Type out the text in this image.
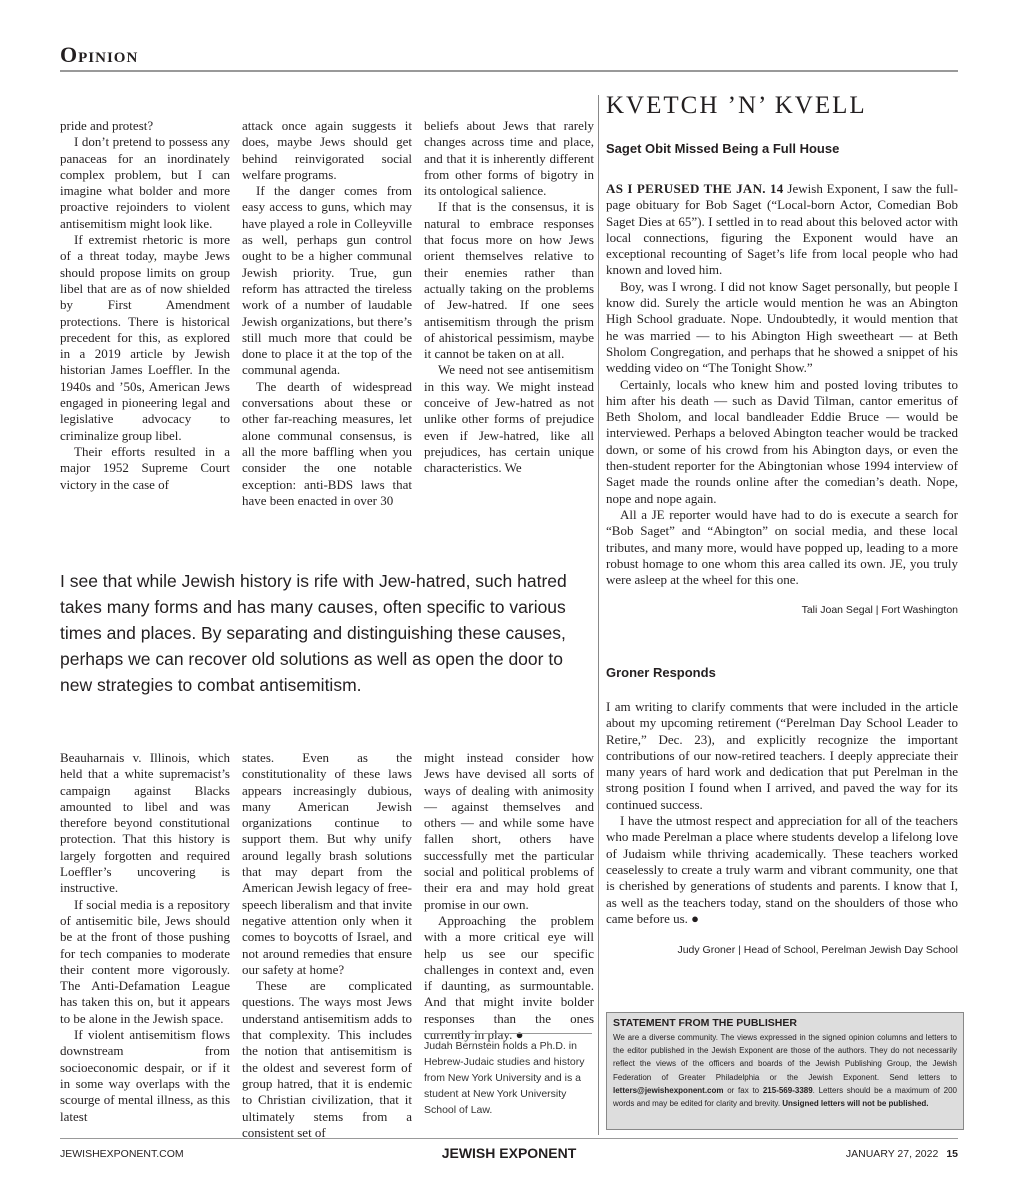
Opinion

pride and protest?

I don’t pretend to possess any panaceas for an inordinately complex problem, but I can imagine what bolder and more proactive rejoinders to violent antisemitism might look like.

If extremist rhetoric is more of a threat today, maybe Jews should propose limits on group libel that are as of now shielded by First Amendment protections. There is historical precedent for this, as explored in a 2019 article by Jewish historian James Loeffler. In the 1940s and ’50s, American Jews engaged in pioneering legal and legislative advocacy to criminalize group libel.

Their efforts resulted in a major 1952 Supreme Court victory in the case of

attack once again suggests it does, maybe Jews should get behind reinvigorated social welfare programs.

If the danger comes from easy access to guns, which may have played a role in Colleyville as well, perhaps gun control ought to be a higher communal Jewish priority. True, gun reform has attracted the tireless work of a number of laudable Jewish organizations, but there’s still much more that could be done to place it at the top of the communal agenda.

The dearth of widespread conversations about these or other far-reaching measures, let alone communal consensus, is all the more baffling when you consider the one notable exception: anti-BDS laws that have been enacted in over 30

beliefs about Jews that rarely changes across time and place, and that it is inherently different from other forms of bigotry in its ontological salience.

If that is the consensus, it is natural to embrace responses that focus more on how Jews orient themselves relative to their enemies rather than actually taking on the problems of Jew-hatred. If one sees antisemitism through the prism of ahistorical pessimism, maybe it cannot be taken on at all.

We need not see antisemitism in this way. We might instead conceive of Jew-hatred as not unlike other forms of prejudice even if Jew-hatred, like all prejudices, has certain unique characteristics. We

I see that while Jewish history is rife with Jew-hatred, such hatred takes many forms and has many causes, often specific to various times and places. By separating and distinguishing these causes, perhaps we can recover old solutions as well as open the door to new strategies to combat antisemitism.

Beauharnais v. Illinois, which held that a white supremacist’s campaign against Blacks amounted to libel and was therefore beyond constitutional protection. That this history is largely forgotten and required Loeffler’s uncovering is instructive.

If social media is a repository of antisemitic bile, Jews should be at the front of those pushing for tech companies to moderate their content more vigorously. The Anti-Defamation League has taken this on, but it appears to be alone in the Jewish space.

If violent antisemitism flows downstream from socioeconomic despair, or if it in some way overlaps with the scourge of mental illness, as this latest

states. Even as the constitutionality of these laws appears increasingly dubious, many American Jewish organizations continue to support them. But why unify around legally brash solutions that may depart from the American Jewish legacy of free-speech liberalism and that invite negative attention only when it comes to boycotts of Israel, and not around remedies that ensure our safety at home?

These are complicated questions. The ways most Jews understand antisemitism adds to that complexity. This includes the notion that antisemitism is the oldest and severest form of group hatred, that it is endemic to Christian civilization, that it ultimately stems from a consistent set of

might instead consider how Jews have devised all sorts of ways of dealing with animosity — against themselves and others — and while some have fallen short, others have successfully met the particular social and political problems of their era and may hold great promise in our own.

Approaching the problem with a more critical eye will help us see our specific challenges in context and, even if daunting, as surmountable. And that might invite bolder responses than the ones currently in play. ●

Judah Bernstein holds a Ph.D. in Hebrew-Judaic studies and history from New York University and is a student at New York University School of Law.
KVETCH ’N’ KVELL
Saget Obit Missed Being a Full House

AS I PERUSED THE JAN. 14 Jewish Exponent, I saw the full-page obituary for Bob Saget (“Local-born Actor, Comedian Bob Saget Dies at 65”). I settled in to read about this beloved actor with local connections, figuring the Exponent would have an exceptional recounting of Saget’s life from local people who had known and loved him.

Boy, was I wrong. I did not know Saget personally, but people I know did. Surely the article would mention he was an Abington High School graduate. Nope. Undoubtedly, it would mention that he was married — to his Abington High sweetheart — at Beth Sholom Congregation, and perhaps that he showed a snippet of his wedding video on “The Tonight Show.”

Certainly, locals who knew him and posted loving tributes to him after his death — such as David Tilman, cantor emeritus of Beth Sholom, and local bandleader Eddie Bruce — would be interviewed. Perhaps a beloved Abington teacher would be tracked down, or some of his crowd from his Abington days, or even the then-student reporter for the Abingtonian whose 1994 interview of Saget made the rounds online after the comedian’s death. Nope, nope and nope again.

All a JE reporter would have had to do is execute a search for “Bob Saget” and “Abington” on social media, and these local tributes, and many more, would have popped up, leading to a more robust homage to one whom this area called its own. JE, you truly were asleep at the wheel for this one.

Tali Joan Segal | Fort Washington
Groner Responds

I am writing to clarify comments that were included in the article about my upcoming retirement (“Perelman Day School Leader to Retire,” Dec. 23), and explicitly recognize the important contributions of our now-retired teachers. I deeply appreciate their many years of hard work and dedication that put Perelman in the strong position I found when I arrived, and paved the way for its continued success.

I have the utmost respect and appreciation for all of the teachers who made Perelman a place where students develop a lifelong love of Judaism while thriving academically. These teachers worked ceaselessly to create a truly warm and vibrant community, one that is cherished by generations of students and parents. I know that I, as well as the teachers today, stand on the shoulders of those who came before us. ●

Judy Groner | Head of School, Perelman Jewish Day School
STATEMENT FROM THE PUBLISHER
We are a diverse community. The views expressed in the signed opinion columns and letters to the editor published in the Jewish Exponent are those of the authors. They do not necessarily reflect the views of the officers and boards of the Jewish Publishing Group, the Jewish Federation of Greater Philadelphia or the Jewish Exponent. Send letters to letters@jewishexponent.com or fax to 215-569-3389. Letters should be a maximum of 200 words and may be edited for clarity and brevity. Unsigned letters will not be published.
JEWISHEXPONENT.COM	JEWISH EXPONENT	JANUARY 27, 2022 15
